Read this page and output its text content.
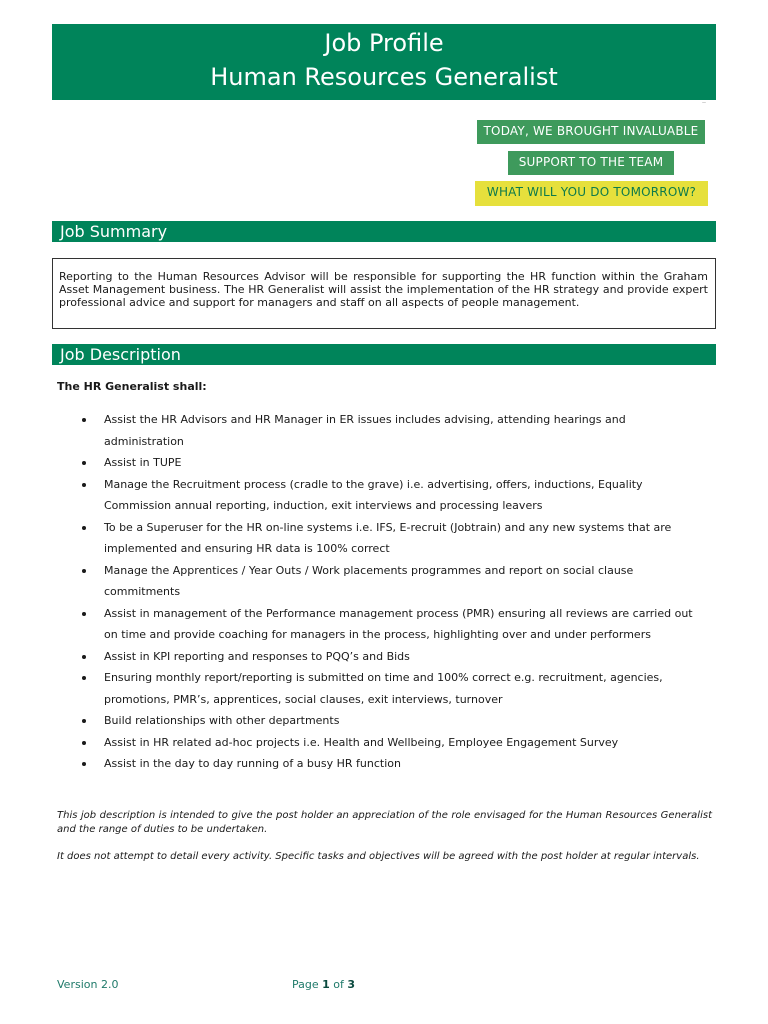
Job Profile
Human Resources Generalist
—
TODAY, WE BROUGHT INVALUABLE
SUPPORT TO THE TEAM
WHAT WILL YOU DO TOMORROW?
Job Summary
Reporting to the Human Resources Advisor will be responsible for supporting the HR function within the Graham Asset Management business. The HR Generalist will assist the implementation of the HR strategy and provide expert professional advice and support for managers and staff on all aspects of people management.
Job Description
The HR Generalist shall:
Assist the HR Advisors and HR Manager in ER issues includes advising, attending hearings and administration
Assist in TUPE
Manage the Recruitment process (cradle to the grave) i.e. advertising, offers, inductions, Equality Commission annual reporting, induction, exit interviews and processing leavers
To be a Superuser for the HR on-line systems i.e. IFS, E-recruit (Jobtrain) and any new systems that are implemented and ensuring HR data is 100% correct
Manage the Apprentices / Year Outs / Work placements programmes and report on social clause commitments
Assist in management of the Performance management process (PMR) ensuring all reviews are carried out on time and provide coaching for managers in the process, highlighting over and under performers
Assist in KPI reporting and responses to PQQ’s and Bids
Ensuring monthly report/reporting is submitted on time and 100% correct e.g. recruitment, agencies, promotions, PMR’s, apprentices, social clauses, exit interviews, turnover
Build relationships with other departments
Assist in HR related ad-hoc projects i.e. Health and Wellbeing, Employee Engagement Survey
Assist in the day to day running of a busy HR function
This job description is intended to give the post holder an appreciation of the role envisaged for the Human Resources Generalist and the range of duties to be undertaken.
It does not attempt to detail every activity. Specific tasks and objectives will be agreed with the post holder at regular intervals.
Version 2.0	Page 1 of 3
